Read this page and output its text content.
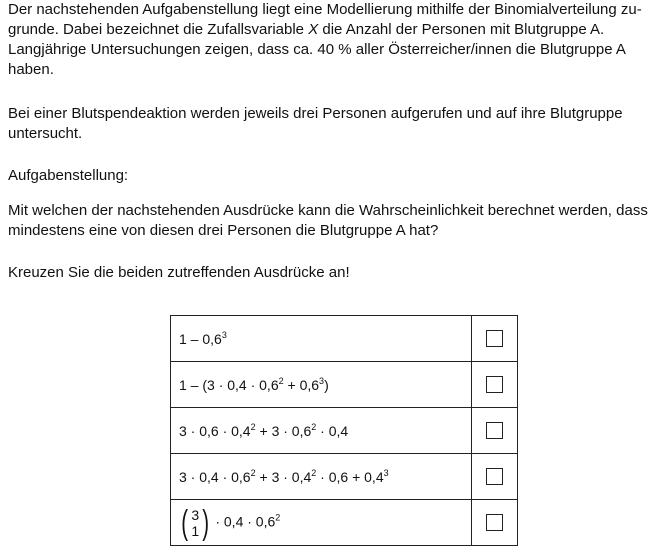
Der nachstehenden Aufgabenstellung liegt eine Modellierung mithilfe der Binomialverteilung zu-grunde. Dabei bezeichnet die Zufallsvariable X die Anzahl der Personen mit Blutgruppe A. Langjährige Untersuchungen zeigen, dass ca. 40 % aller Österreicher/innen die Blutgruppe A haben.

Bei einer Blutspendeaktion werden jeweils drei Personen aufgerufen und auf ihre Blutgruppe untersucht.

Aufgabenstellung:

Mit welchen der nachstehenden Ausdrücke kann die Wahrscheinlichkeit berechnet werden, dass mindestens eine von diesen drei Personen die Blutgruppe A hat?

Kreuzen Sie die beiden zutreffenden Ausdrücke an!

$1 - 0,6^3$	
$1 - (3 \cdot 0,4 \cdot 0,6^2 + 0,6^3)$	
$3 \cdot 0,6 \cdot 0,4^2 + 3 \cdot 0,6^2 \cdot 0,4$	
$3 \cdot 0,4 \cdot 0,6^2 + 3 \cdot 0,4^2 \cdot 0,6 + 0,4^3$	

( 3
1 ) · $0,4 \cdot 0,6^2$	
